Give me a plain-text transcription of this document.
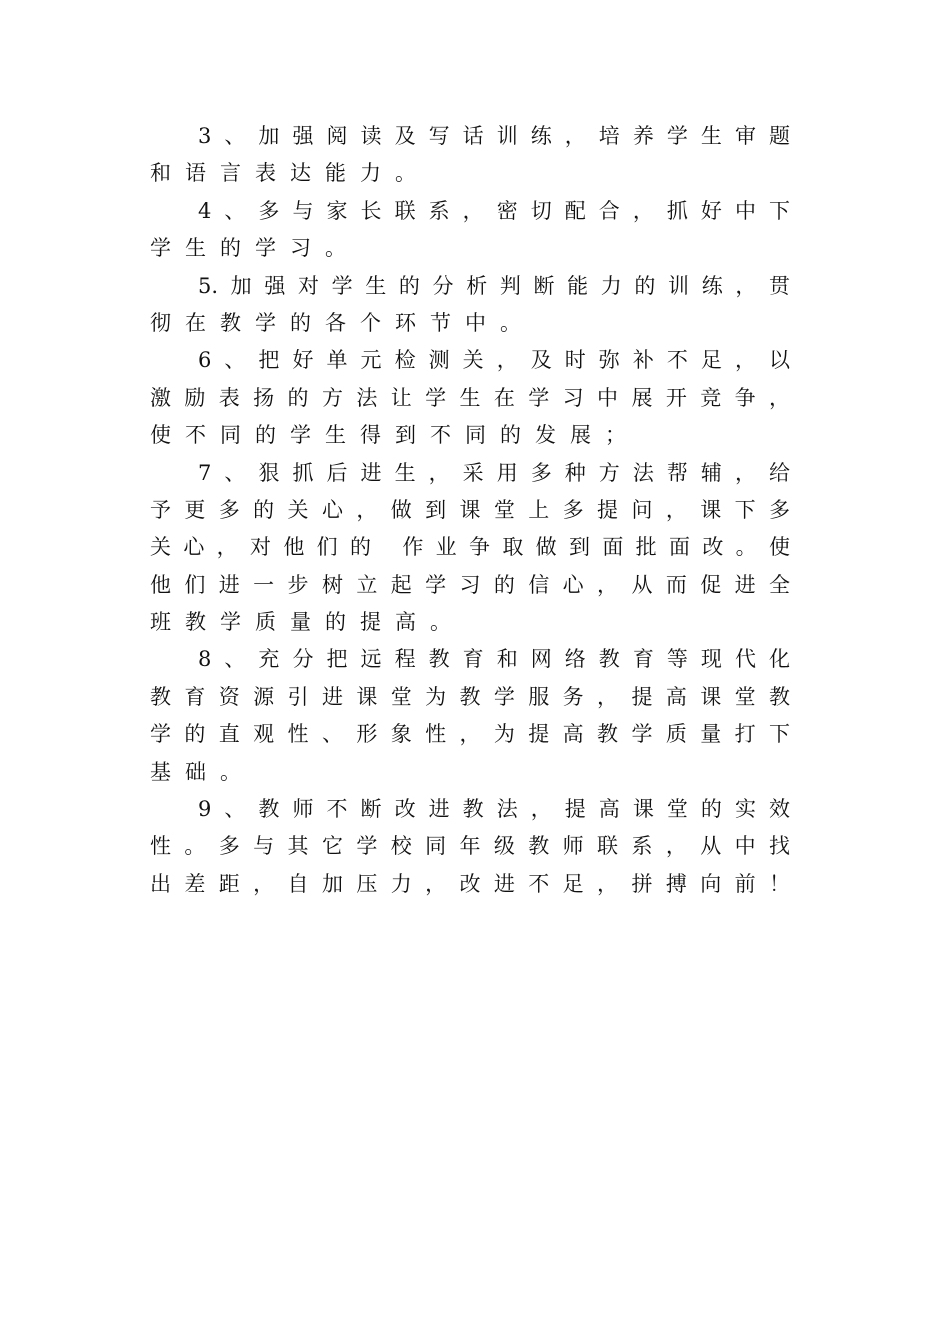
3、加强阅读及写话训练，培养学生审题
和语言表达能力。
4、多与家长联系，密切配合，抓好中下
学生的学习。
5.加强对学生的分析判断能力的训练，贯
彻在教学的各个环节中。
6、把好单元检测关，及时弥补不足，以
激励表扬的方法让学生在学习中展开竞争，
使不同的学生得到不同的发展；
7、狠抓后进生，采用多种方法帮辅，给
予更多的关心，做到课堂上多提问，课下多
关心，对他们的 作业争取做到面批面改。使
他们进一步树立起学习的信心，从而促进全
班教学质量的提高。
8、充分把远程教育和网络教育等现代化
教育资源引进课堂为教学服务，提高课堂教
学的直观性、形象性，为提高教学质量打下
基础。
9、教师不断改进教法，提高课堂的实效
性。多与其它学校同年级教师联系，从中找
出差距，自加压力，改进不足，拼搏向前！
